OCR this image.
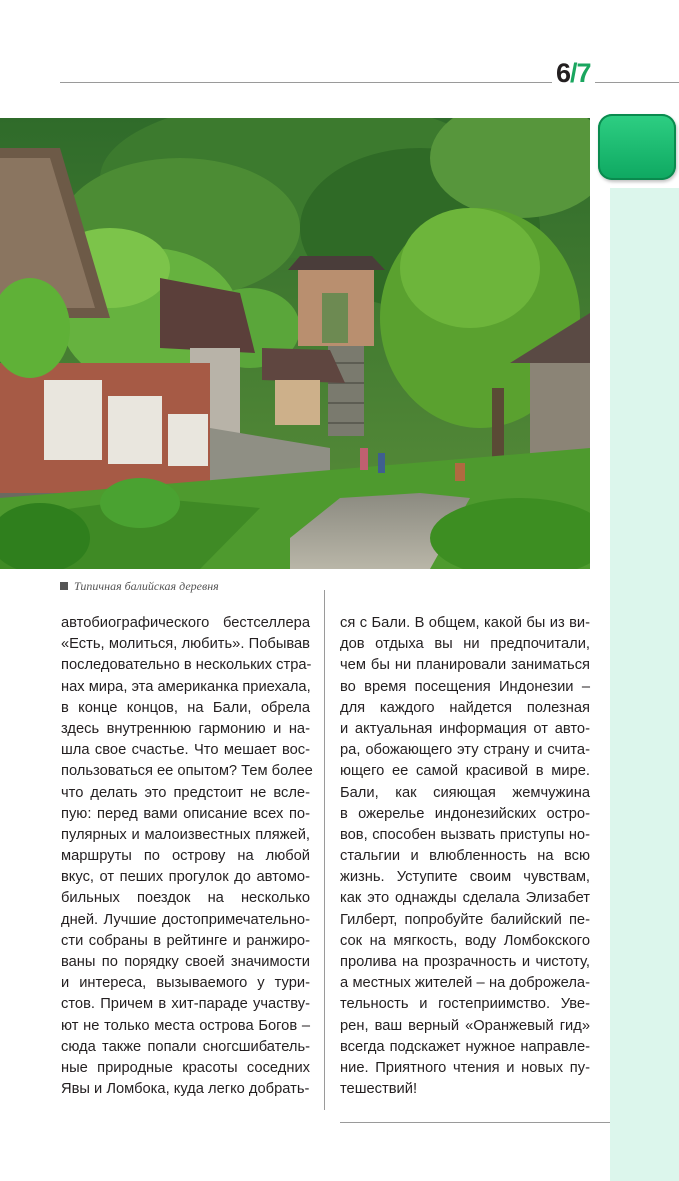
6/7
Типичная балийская деревня
автобиографического бестселлера
«Есть, молиться, любить». Побывав
последовательно в нескольких стра-
нах мира, эта американка приехала,
в конце концов, на Бали, обрела
здесь внутреннюю гармонию и на-
шла свое счастье. Что мешает вос-
пользоваться ее опытом? Тем более
что делать это предстоит не всле-
пую: перед вами описание всех по-
пулярных и малоизвестных пляжей,
маршруты по острову на любой
вкус, от пеших прогулок до автомо-
бильных поездок на несколько
дней. Лучшие достопримечательно-
сти собраны в рейтинге и ранжиро-
ваны по порядку своей значимости
и интереса, вызываемого у тури-
стов. Причем в хит-параде участву-
ют не только места острова Богов –
сюда также попали сногсшибатель-
ные природные красоты соседних
Явы и Ломбока, куда легко добрать-
ся с Бали. В общем, какой бы из ви-
дов отдыха вы ни предпочитали,
чем бы ни планировали заниматься
во время посещения Индонезии –
для каждого найдется полезная
и актуальная информация от авто-
ра, обожающего эту страну и счита-
ющего ее самой красивой в мире.
Бали, как сияющая жемчужина
в ожерелье индонезийских остро-
вов, способен вызвать приступы но-
стальгии и влюбленность на всю
жизнь. Уступите своим чувствам,
как это однажды сделала Элизабет
Гилберт, попробуйте балийский пе-
сок на мягкость, воду Ломбокского
пролива на прозрачность и чистоту,
а местных жителей – на доброжела-
тельность и гостеприимство. Уве-
рен, ваш верный «Оранжевый гид»
всегда подскажет нужное направле-
ние. Приятного чтения и новых пу-
тешествий!
